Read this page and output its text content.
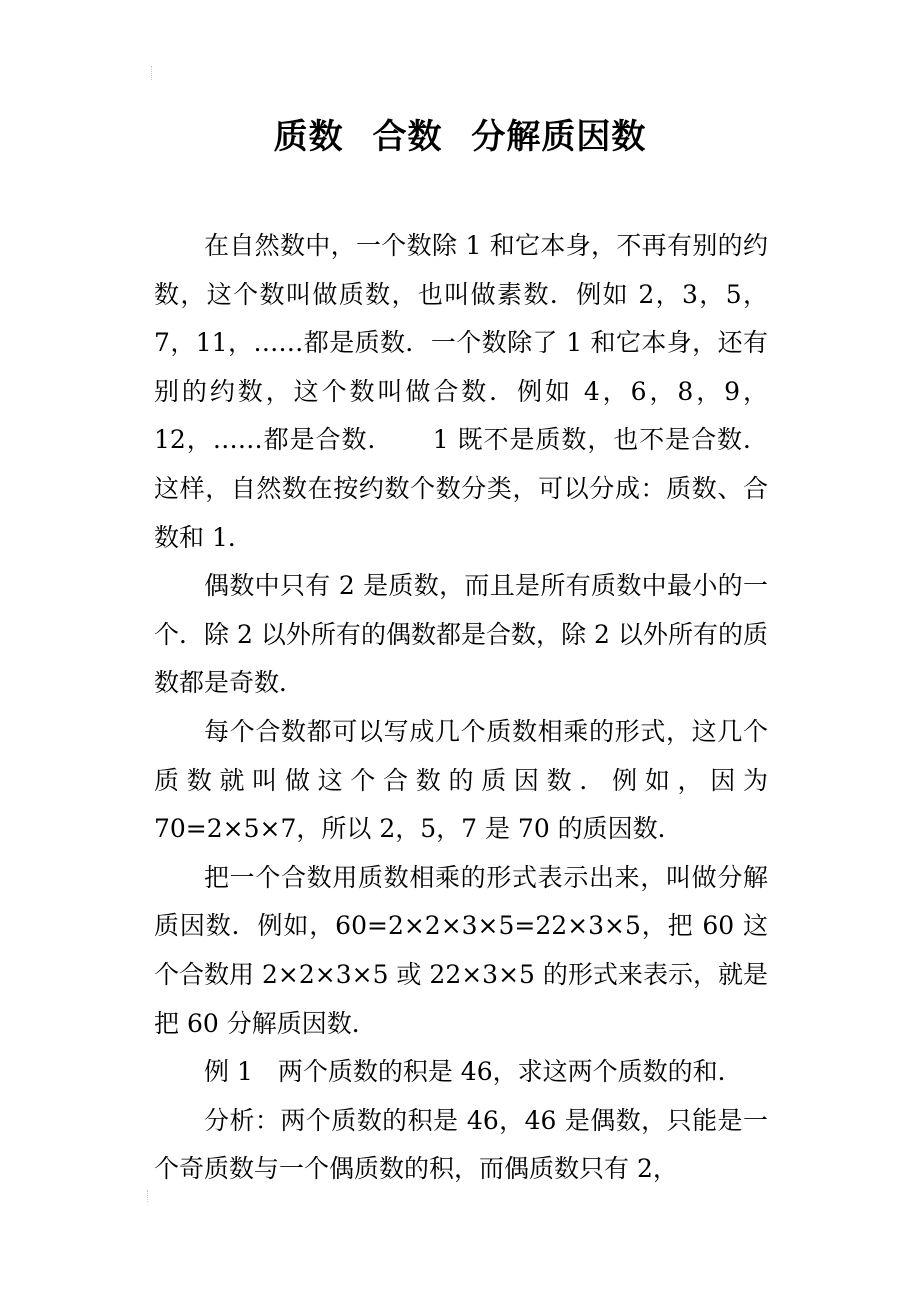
质数 合数 分解质因数

在自然数中，一个数除 1 和它本身，不再有别的约数，这个数叫做质数，也叫做素数．例如 2，3，5，7，11，……都是质数．一个数除了 1 和它本身，还有别的约数，这个数叫做合数．例如 4，6，8，9，12，……都是合数．　　1 既不是质数，也不是合数．这样，自然数在按约数个数分类，可以分成：质数、合数和 1．

偶数中只有 2 是质数，而且是所有质数中最小的一个．除 2 以外所有的偶数都是合数，除 2 以外所有的质数都是奇数．

每个合数都可以写成几个质数相乘的形式，这几个质数就叫做这个合数的质因数．例如，因为 70=2×5×7，所以 2，5，7 是 70 的质因数．

把一个合数用质数相乘的形式表示出来，叫做分解质因数．例如，60=2×2×3×5=22×3×5，把 60 这个合数用 2×2×3×5 或 22×3×5 的形式来表示，就是把 60 分解质因数．

例 1　两个质数的积是 46，求这两个质数的和．

分析：两个质数的积是 46，46 是偶数，只能是一个奇质数与一个偶质数的积，而偶质数只有 2，
